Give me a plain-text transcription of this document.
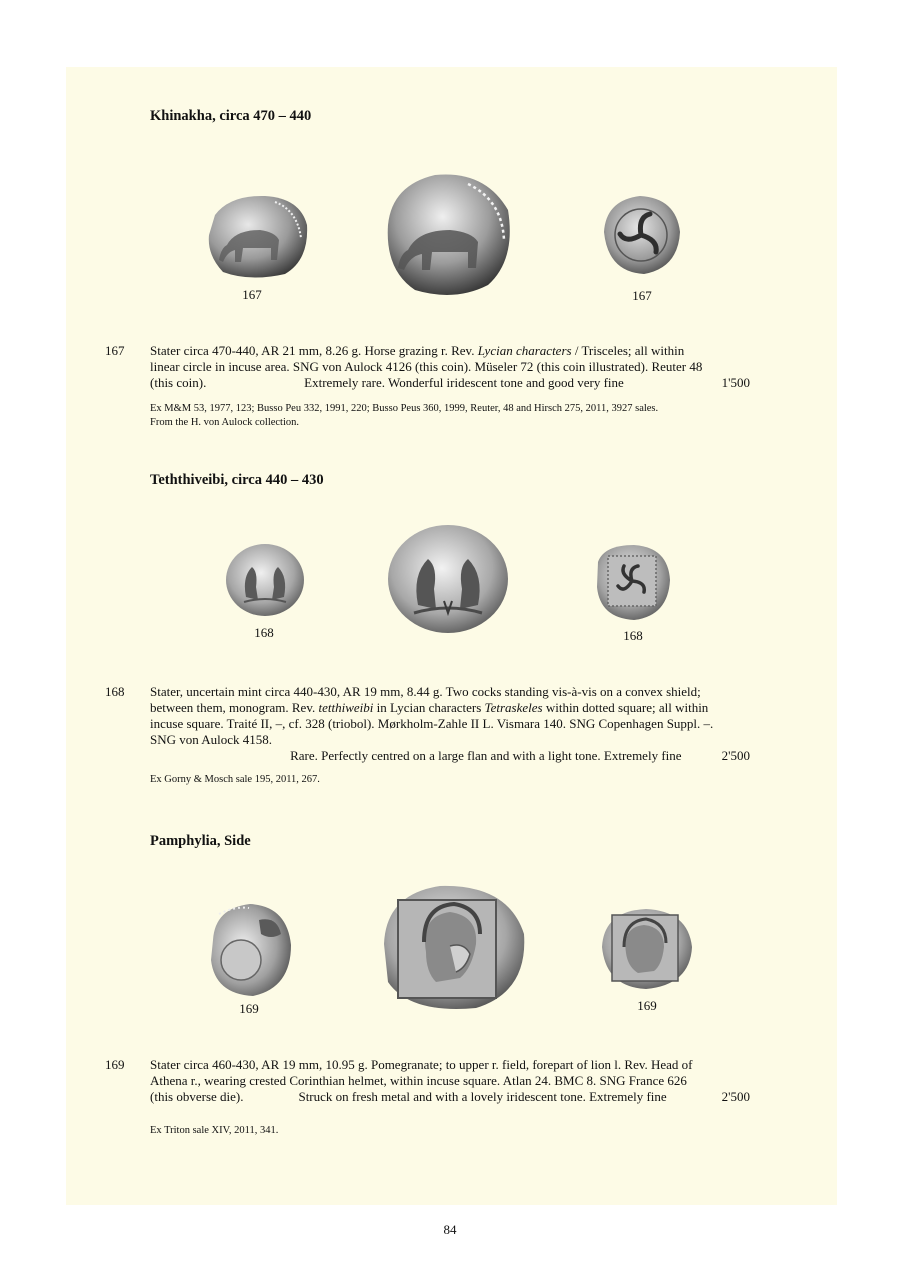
Khinakha, circa 470 – 440
167	167
167 Stater circa 470-440, AR 21 mm, 8.26 g. Horse grazing r. Rev. Lycian characters / Trisceles; all within
linear circle in incuse area. SNG von Aulock 4126 (this coin). Müseler 72 (this coin illustrated). Reuter 48
(this coin).	Extremely rare. Wonderful iridescent tone and good very fine	1'500
Ex M&M 53, 1977, 123; Busso Peu 332, 1991, 220; Busso Peus 360, 1999, Reuter, 48 and Hirsch 275, 2011, 3927 sales.
From the H. von Aulock collection.
Teththiveibi, circa 440 – 430
168	168
168 Stater, uncertain mint circa 440-430, AR 19 mm, 8.44 g. Two cocks standing vis-à-vis on a convex shield;
between them, monogram. Rev. tetthiweibi in Lycian characters Tetraskeles within dotted square; all within
incuse square. Traité II, –, cf. 328 (triobol). Mørkholm-Zahle II L. Vismara 140. SNG Copenhagen Suppl. –.
SNG von Aulock 4158.
Rare. Perfectly centred on a large flan and with a light tone. Extremely fine	2'500
Ex Gorny & Mosch sale 195, 2011, 267.
Pamphylia, Side
169	169
169 Stater circa 460-430, AR 19 mm, 10.95 g. Pomegranate; to upper r. field, forepart of lion l. Rev. Head of
Athena r., wearing crested Corinthian helmet, within incuse square. Atlan 24. BMC 8. SNG France 626
(this obverse die).	Struck on fresh metal and with a lovely iridescent tone. Extremely fine	2'500
Ex Triton sale XIV, 2011, 341.
84
